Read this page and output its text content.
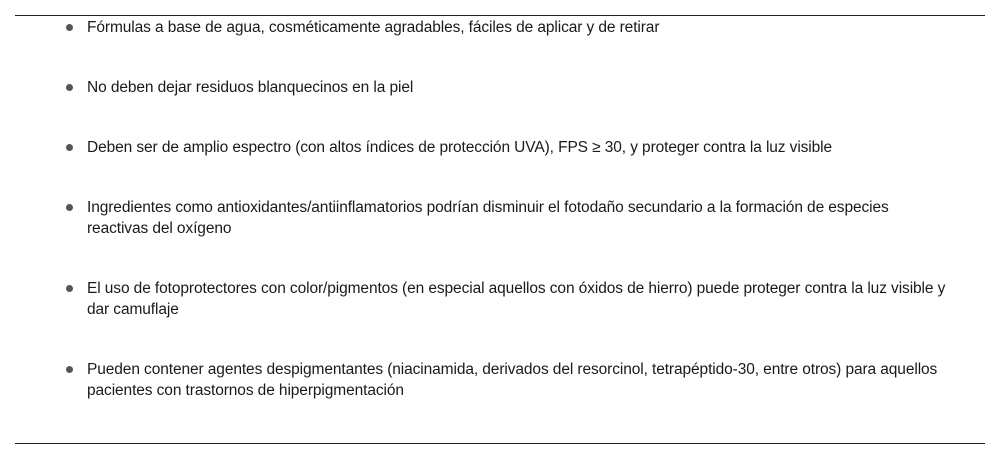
Fórmulas a base de agua, cosméticamente agradables, fáciles de aplicar y de retirar
No deben dejar residuos blanquecinos en la piel
Deben ser de amplio espectro (con altos índices de protección UVA), FPS ≥ 30, y proteger contra la luz visible
Ingredientes como antioxidantes/antiinflamatorios podrían disminuir el fotodaño secundario a la formación de especies reactivas del oxígeno
El uso de fotoprotectores con color/pigmentos (en especial aquellos con óxidos de hierro) puede proteger contra la luz visible y dar camuflaje
Pueden contener agentes despigmentantes (niacinamida, derivados del resorcinol, tetrapéptido-30, entre otros) para aquellos pacientes con trastornos de hiperpigmentación
